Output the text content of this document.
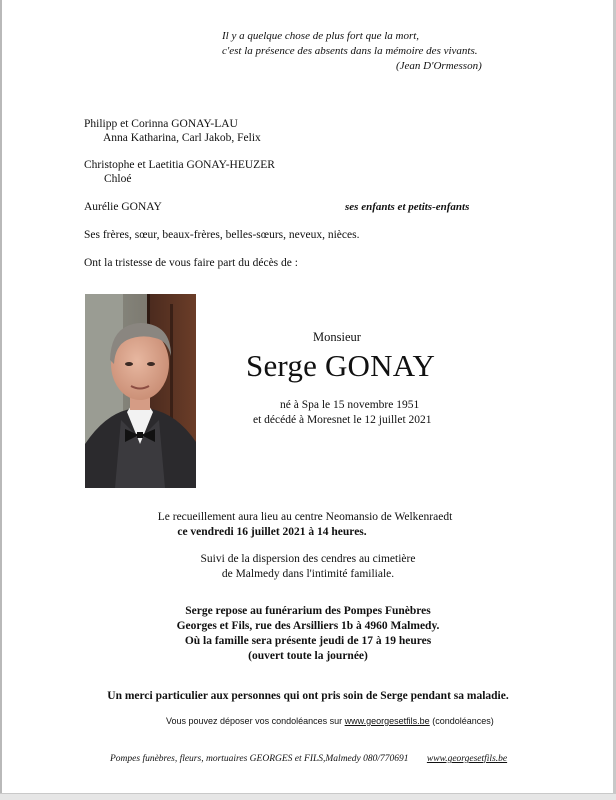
Il y a quelque chose de plus fort que la mort,
c'est la présence des absents dans la mémoire des vivants.
(Jean D'Ormesson)
Philipp et Corinna GONAY-LAU
Anna Katharina, Carl Jakob, Felix
Christophe et Laetitia GONAY-HEUZER
Chloé
Aurélie GONAY	ses enfants et petits-enfants
Ses frères, sœur, beaux-frères, belles-sœurs, neveux, nièces.
Ont la tristesse de vous faire part du décès de :
Monsieur
Serge GONAY
né à Spa le 15 novembre 1951
et décédé à Moresnet le 12 juillet 2021
Le recueillement aura lieu au centre Neomansio de Welkenraedt
ce vendredi 16 juillet 2021 à 14 heures.
Suivi de la dispersion des cendres au cimetière
de Malmedy dans l'intimité familiale.
Serge repose au funérarium des Pompes Funèbres
Georges et Fils, rue des Arsilliers 1b à 4960 Malmedy.
Où la famille sera présente jeudi de 17 à 19 heures
(ouvert toute la journée)
Un merci particulier aux personnes qui ont pris soin de Serge pendant sa maladie.
Vous pouvez déposer vos condoléances sur www.georgesetfils.be (condoléances)
Pompes funèbres, fleurs, mortuaires GEORGES et FILS,Malmedy 080/770691 www.georgesetfils.be
